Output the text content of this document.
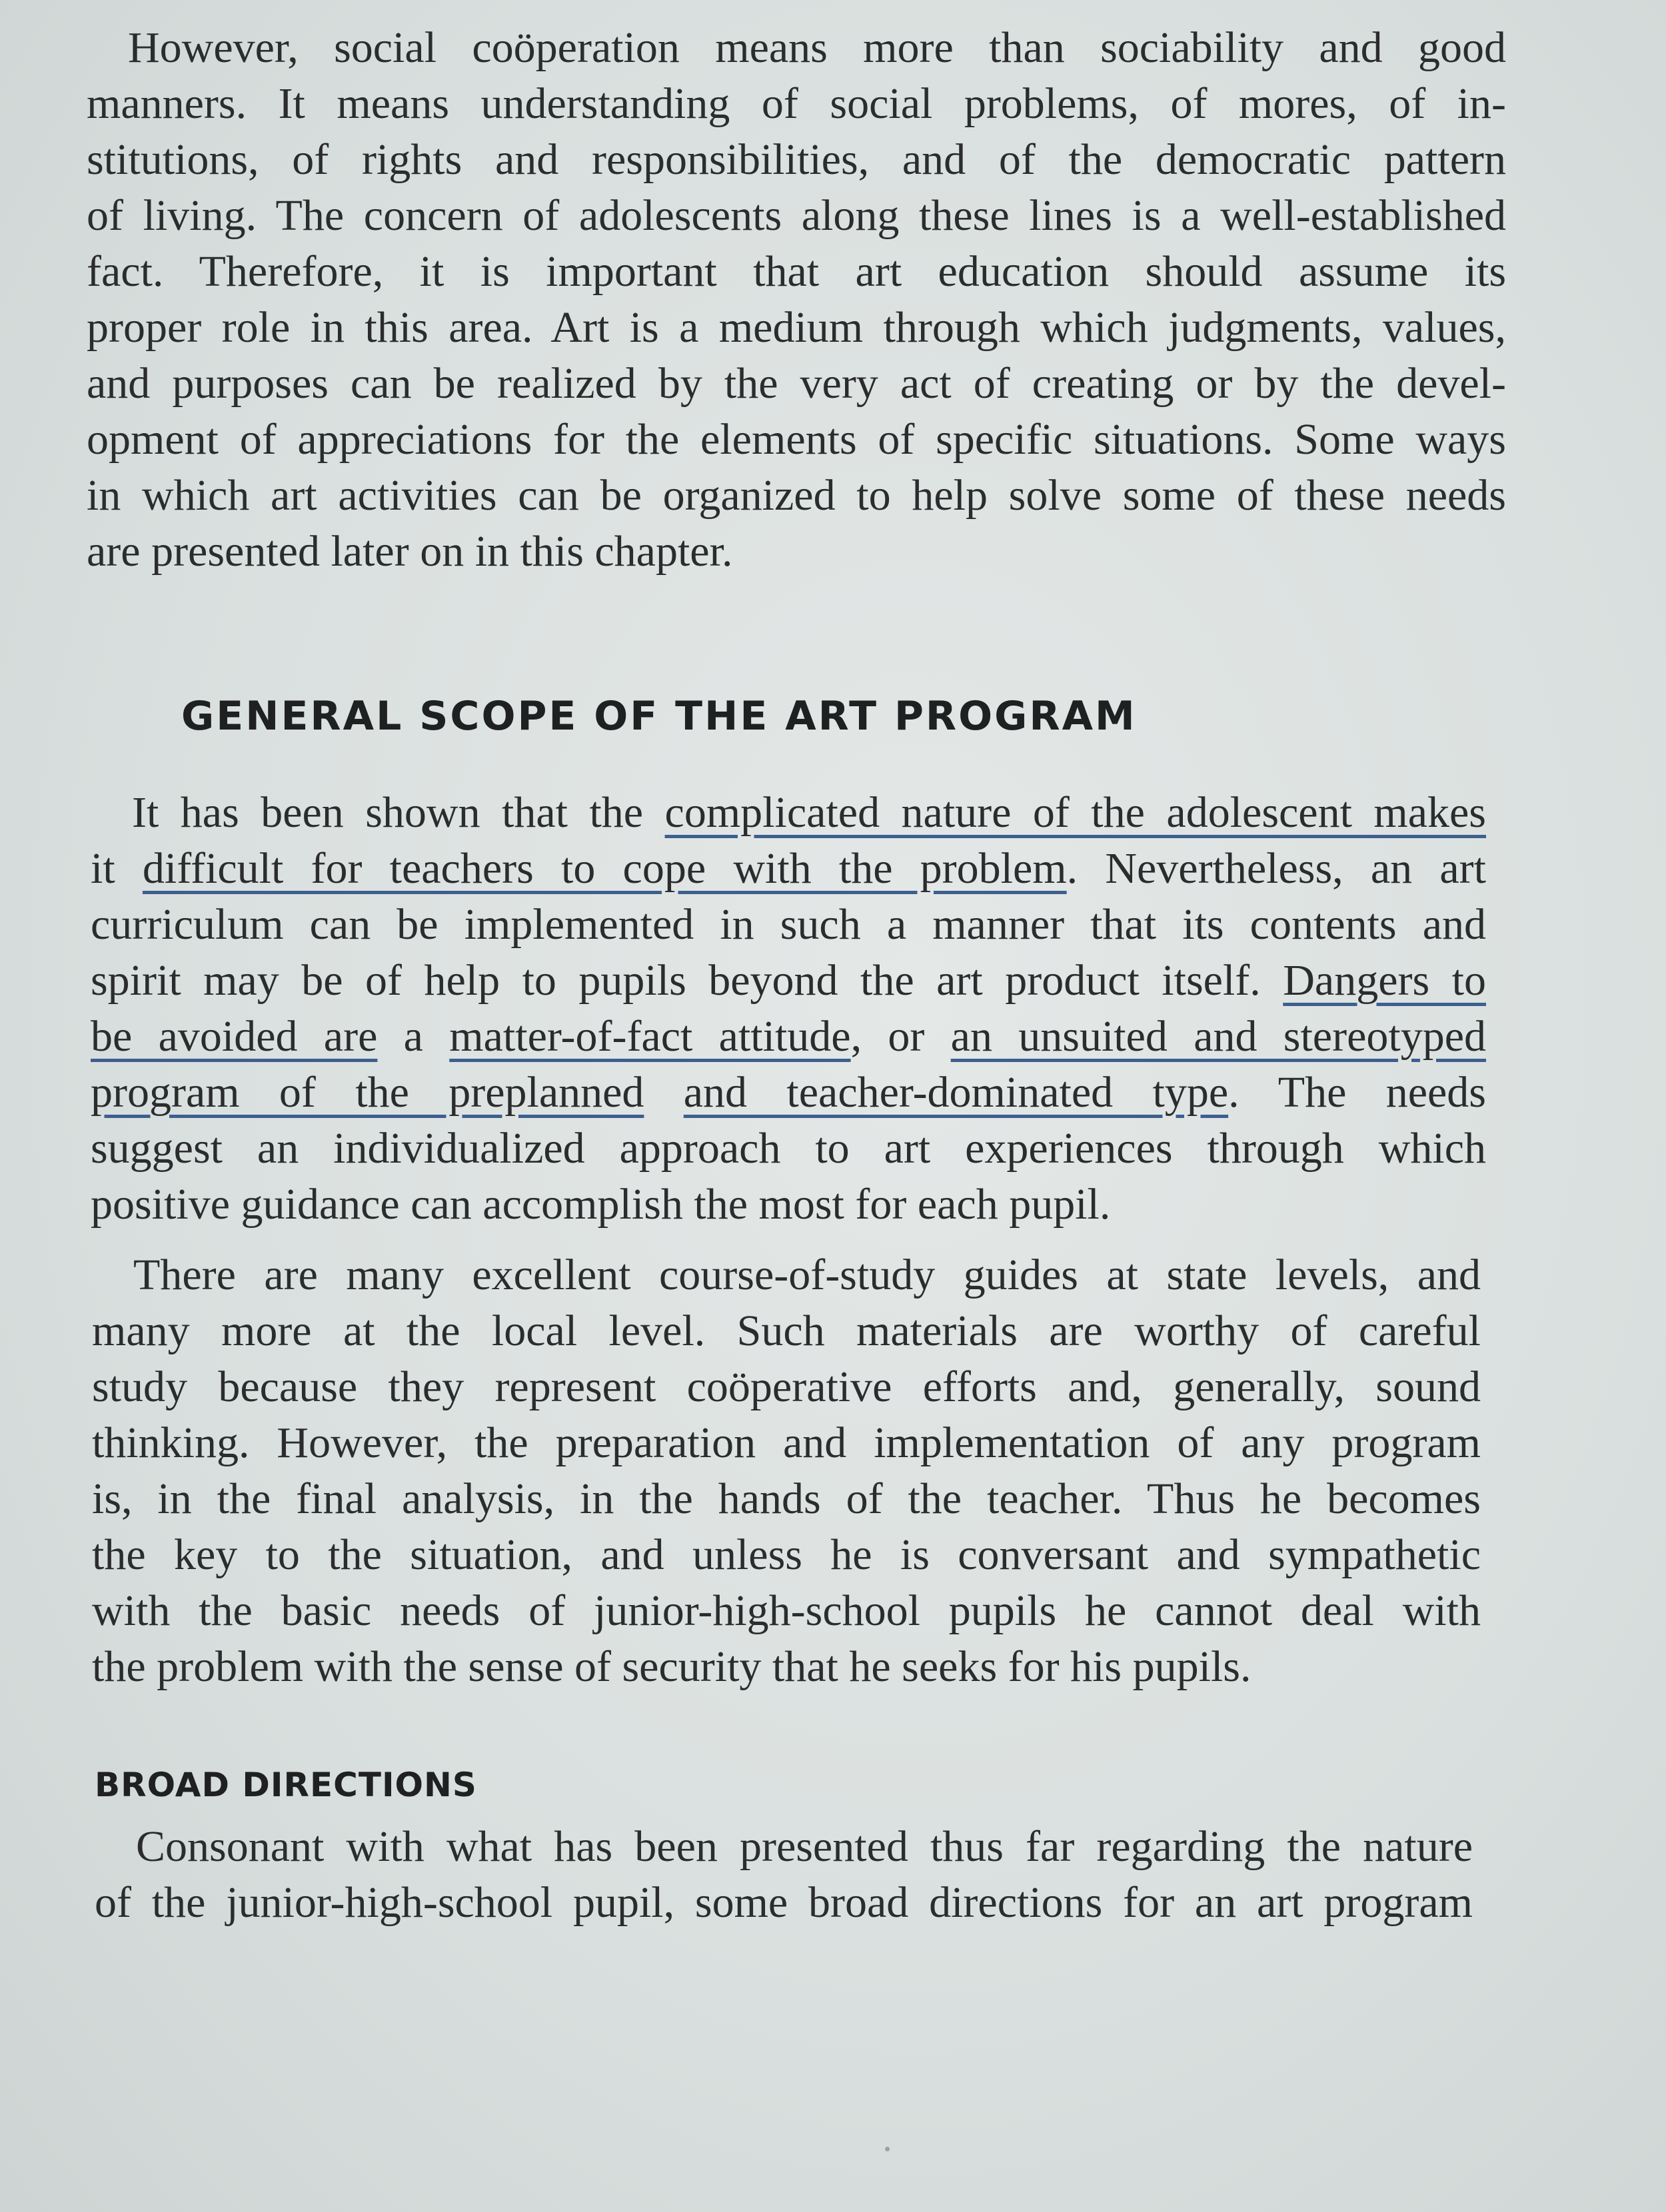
However, social coöperation means more than sociability and good
manners. It means understanding of social problems, of mores, of in-
stitutions, of rights and responsibilities, and of the democratic pattern
of living. The concern of adolescents along these lines is a well-established
fact. Therefore, it is important that art education should assume its
proper role in this area. Art is a medium through which judgments, values,
and purposes can be realized by the very act of creating or by the devel-
opment of appreciations for the elements of specific situations. Some ways
in which art activities can be organized to help solve some of these needs
are presented later on in this chapter.
GENERAL SCOPE OF THE ART PROGRAM
It has been shown that the complicated nature of the adolescent makes
it difficult for teachers to cope with the problem. Nevertheless, an art
curriculum can be implemented in such a manner that its contents and
spirit may be of help to pupils beyond the art product itself. Dangers to
be avoided are a matter-of-fact attitude, or an unsuited and stereotyped
program of the preplanned and teacher-dominated type. The needs
suggest an individualized approach to art experiences through which
positive guidance can accomplish the most for each pupil.
There are many excellent course-of-study guides at state levels, and
many more at the local level. Such materials are worthy of careful
study because they represent coöperative efforts and, generally, sound
thinking. However, the preparation and implementation of any program
is, in the final analysis, in the hands of the teacher. Thus he becomes
the key to the situation, and unless he is conversant and sympathetic
with the basic needs of junior-high-school pupils he cannot deal with
the problem with the sense of security that he seeks for his pupils.
BROAD DIRECTIONS
Consonant with what has been presented thus far regarding the nature
of the junior-high-school pupil, some broad directions for an art program
